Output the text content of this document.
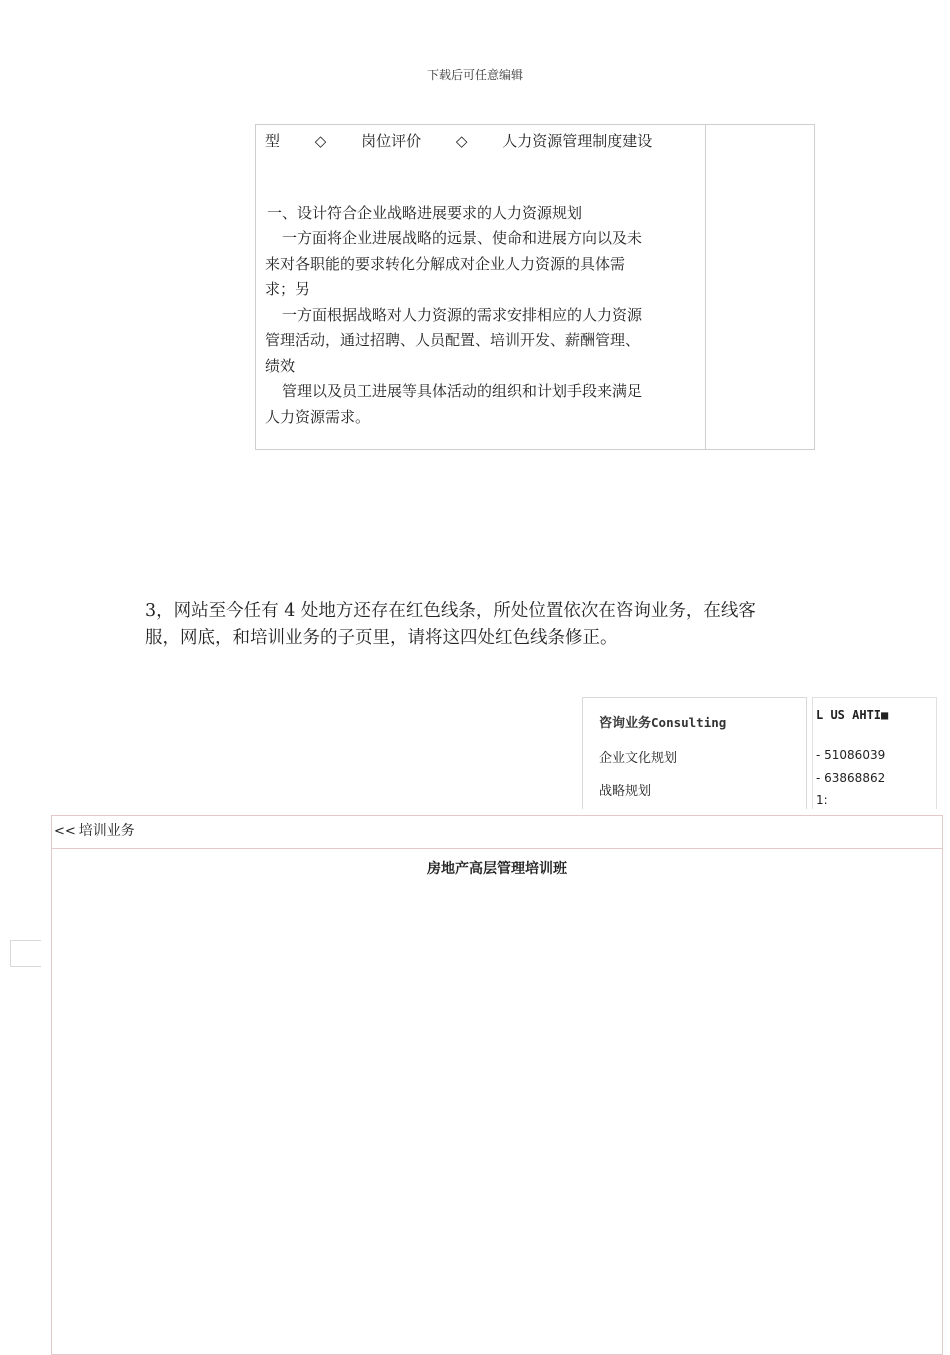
下载后可任意编辑
型 ◇ 岗位评价 ◇ 人力资源管理制度建设
一、设计符合企业战略进展要求的人力资源规划
一方面将企业进展战略的远景、使命和进展方向以及未
来对各职能的要求转化分解成对企业人力资源的具体需
求；另
一方面根据战略对人力资源的需求安排相应的人力资源
管理活动，通过招聘、人员配置、培训开发、薪酬管理、
绩效
管理以及员工进展等具体活动的组织和计划手段来满足
人力资源需求。
3，网站至今任有 4 处地方还存在红色线条，所处位置依次在咨询业务，在线客
服，网底，和培训业务的子页里，请将这四处红色线条修正。
咨询业务Consulting
企业文化规划
战略规划
L US AHTI■
- 51086039
- 63868862
1:
<< 培训业务
房地产高层管理培训班
